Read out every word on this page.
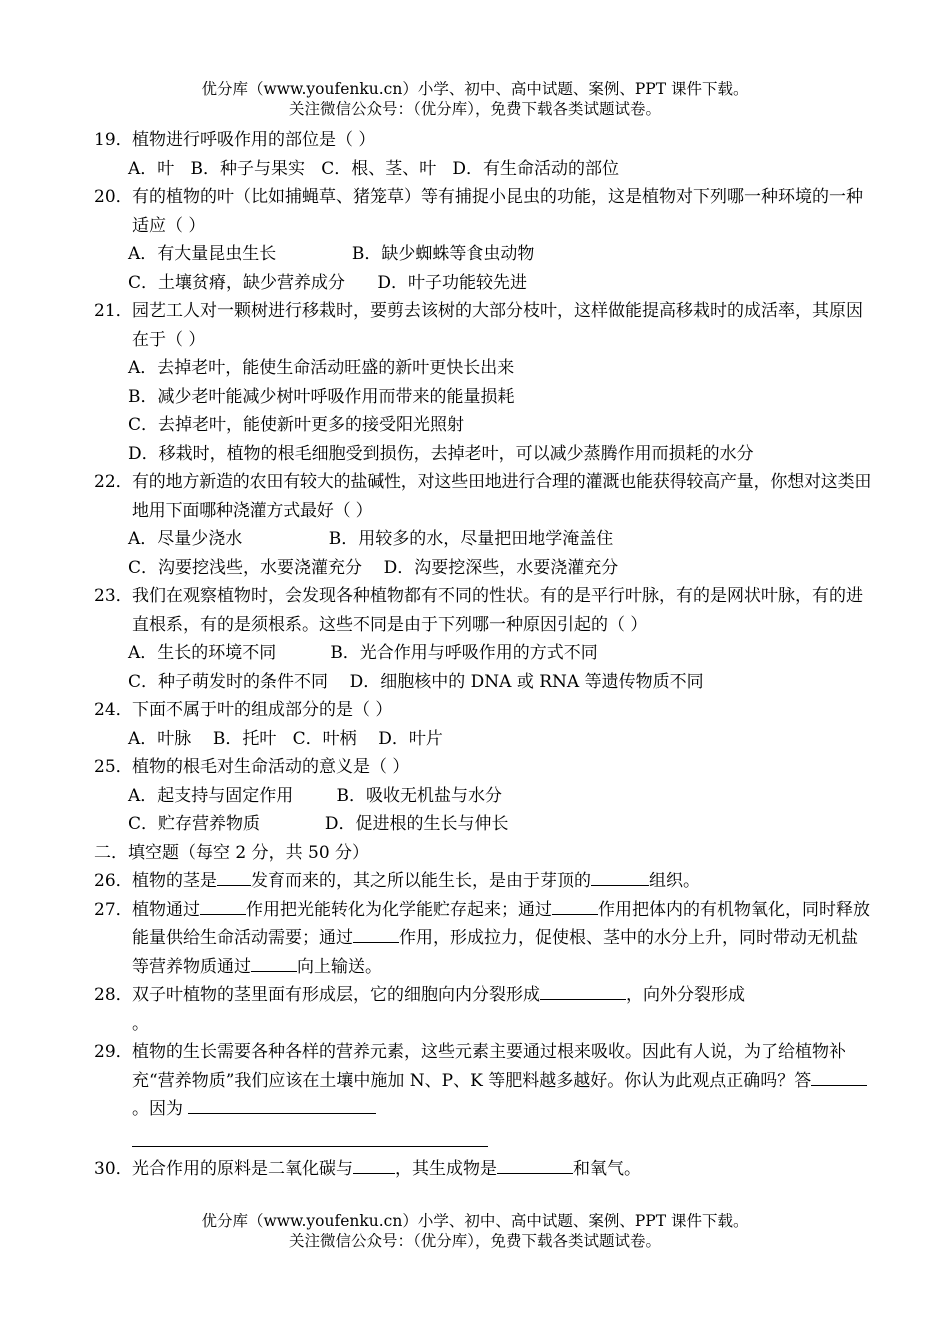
优分库（www.youfenku.cn）小学、初中、高中试题、案例、PPT 课件下载。
关注微信公众号：（优分库），免费下载各类试题试卷。
19． 植物进行呼吸作用的部位是（ ）
A．叶   B．种子与果实   C．根、茎、叶   D．有生命活动的部位
20． 有的植物的叶（比如捕蝇草、猪笼草）等有捕捉小昆虫的功能，这是植物对下列哪一种环境的一种适应（ ）
A．有大量昆虫生长              B．缺少蜘蛛等食虫动物
C．土壤贫瘠，缺少营养成分      D．叶子功能较先进
21． 园艺工人对一颗树进行移栽时，要剪去该树的大部分枝叶，这样做能提高移栽时的成活率，其原因在于（ ）
A．去掉老叶，能使生命活动旺盛的新叶更快长出来
B．减少老叶能减少树叶呼吸作用而带来的能量损耗
C．去掉老叶，能使新叶更多的接受阳光照射
D．移栽时，植物的根毛细胞受到损伤，去掉老叶，可以减少蒸腾作用而损耗的水分
22． 有的地方新造的农田有较大的盐碱性，对这些田地进行合理的灌溉也能获得较高产量，你想对这类田地用下面哪种浇灌方式最好（ ）
A．尽量少浇水                B．用较多的水，尽量把田地学淹盖住
C．沟要挖浅些，水要浇灌充分    D．沟要挖深些，水要浇灌充分
23． 我们在观察植物时，会发现各种植物都有不同的性状。有的是平行叶脉，有的是网状叶脉，有的进直根系，有的是须根系。这些不同是由于下列哪一种原因引起的（ ）
A．生长的环境不同          B．光合作用与呼吸作用的方式不同
C．种子萌发时的条件不同    D．细胞核中的 DNA 或 RNA 等遗传物质不同
24． 下面不属于叶的组成部分的是（ ）
A．叶脉    B．托叶   C．叶柄    D．叶片
25． 植物的根毛对生命活动的意义是（ ）
A．起支持与固定作用        B．吸收无机盐与水分
C．贮存营养物质            D．促进根的生长与伸长
二．填空题（每空 2 分，共 50 分）
26． 植物的茎是 发育而来的，其之所以能生长，是由于芽顶的	组织。
27． 植物通过	作用把光能转化为化学能贮存起来；通过	作用把体内的有机物氧化，同时释放能量供给生命活动需要；通过	作用，形成拉力，促使根、茎中的水分上升，同时带动无机盐等营养物质通过	向上输送。
28． 双子叶植物的茎里面有形成层，它的细胞向内分裂形成	，向外分裂形成
。
29． 植物的生长需要各种各样的营养元素，这些元素主要通过根来吸收。因此有人说，为了给植物补充“营养物质”我们应该在土壤中施加 N、P、K 等肥料越多越好。你认为此观点正确吗？答。因为
30． 光合作用的原料是二氧化碳与 ，其生成物是	和氧气。
优分库（www.youfenku.cn）小学、初中、高中试题、案例、PPT 课件下载。
关注微信公众号：（优分库），免费下载各类试题试卷。
